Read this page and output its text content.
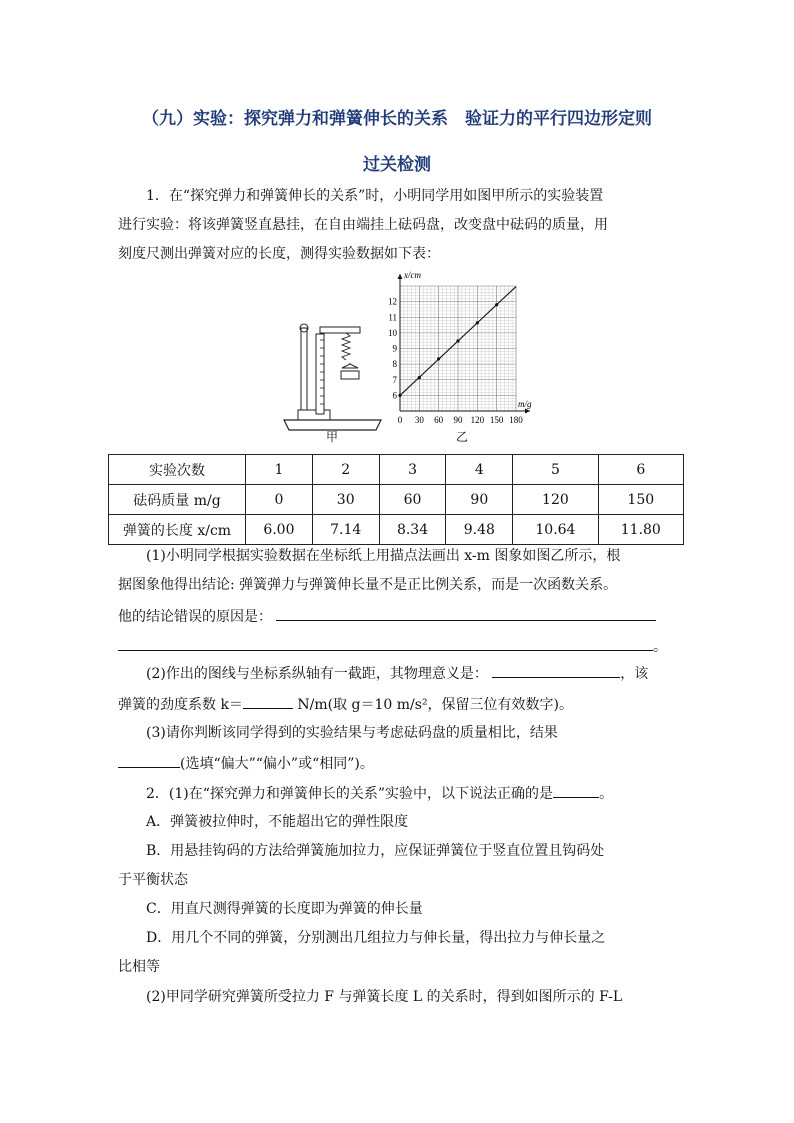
（九）实验：探究弹力和弹簧伸长的关系　验证力的平行四边形定则
过关检测
1．在“探究弹力和弹簧伸长的关系”时，小明同学用如图甲所示的实验装置
进行实验：将该弹簧竖直悬挂，在自由端挂上砝码盘，改变盘中砝码的质量，用
刻度尺测出弹簧对应的长度，测得实验数据如下表：
甲
0 30 60 90 120 150 180
6
7
8
9
10
11
12
x/cm
m/g
乙
实验次数	1	2	3	4	5	6
砝码质量 m/g	0	30	60	90	120	150
弹簧的长度 x/cm	6.00	7.14	8.34	9.48	10.64	11.80
(1)小明同学根据实验数据在坐标纸上用描点法画出 x-m 图象如图乙所示，根
据图象他得出结论: 弹簧弹力与弹簧伸长量不是正比例关系，而是一次函数关系。
他的结论错误的原因是：
。
(2)作出的图线与坐标系纵轴有一截距，其物理意义是：	，该
弹簧的劲度系数 k＝	N/m(取 g＝10 m/s²，保留三位有效数字)。
(3)请你判断该同学得到的实验结果与考虑砝码盘的质量相比，结果
(选填“偏大”“偏小”或“相同”)。
2．(1)在“探究弹力和弹簧伸长的关系”实验中，以下说法正确的是	。
A．弹簧被拉伸时，不能超出它的弹性限度
B．用悬挂钩码的方法给弹簧施加拉力，应保证弹簧位于竖直位置且钩码处
于平衡状态
C．用直尺测得弹簧的长度即为弹簧的伸长量
D．用几个不同的弹簧，分别测出几组拉力与伸长量，得出拉力与伸长量之
比相等
(2)甲同学研究弹簧所受拉力 F 与弹簧长度 L 的关系时，得到如图所示的 F-L
